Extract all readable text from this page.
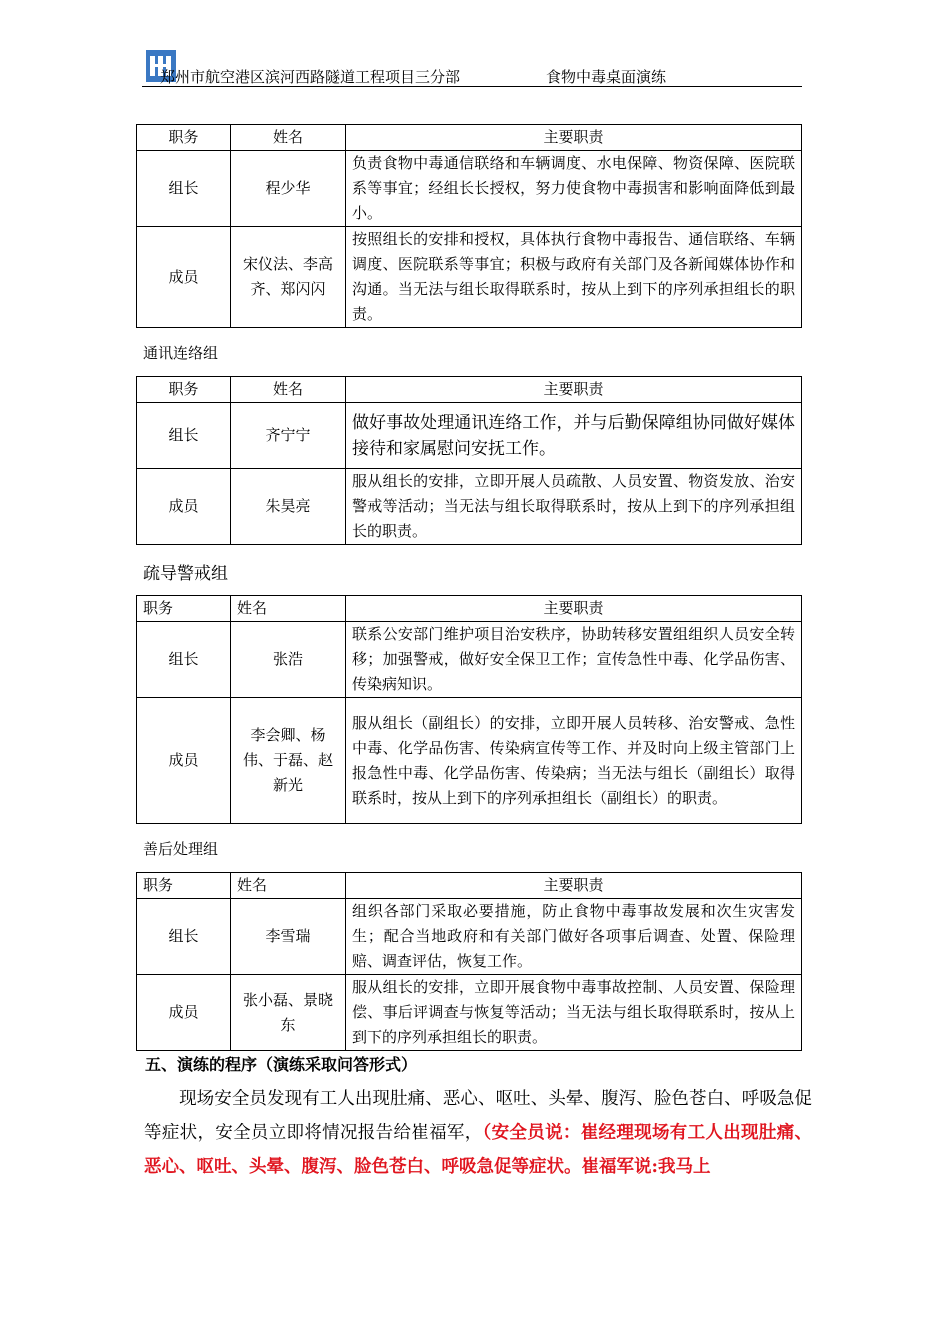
郑州市航空港区滨河西路隧道工程项目三分部	食物中毒桌面演练
职务	姓名	主要职责
组长	程少华	负责食物中毒通信联络和车辆调度、水电保障、物资保障、医院联系等事宜；经组长长授权，努力使食物中毒损害和影响面降低到最小。
成员	宋仪法、李高齐、郑闪闪	按照组长的安排和授权，具体执行食物中毒报告、通信联络、车辆调度、医院联系等事宜；积极与政府有关部门及各新闻媒体协作和沟通。当无法与组长取得联系时，按从上到下的序列承担组长的职责。
通讯连络组
职务	姓名	主要职责
组长	齐宁宁	做好事故处理通讯连络工作，并与后勤保障组协同做好媒体接待和家属慰问安抚工作。
成员	朱昊亮	服从组长的安排，立即开展人员疏散、人员安置、物资发放、治安警戒等活动；当无法与组长取得联系时，按从上到下的序列承担组长的职责。
疏导警戒组
职务	姓名	主要职责
组长	张浩	联系公安部门维护项目治安秩序，协助转移安置组组织人员安全转移；加强警戒，做好安全保卫工作；宣传急性中毒、化学品伤害、传染病知识。
成员	李会卿、杨伟、于磊、赵新光	服从组长（副组长）的安排，立即开展人员转移、治安警戒、急性中毒、化学品伤害、传染病宣传等工作、并及时向上级主管部门上报急性中毒、化学品伤害、传染病；当无法与组长（副组长）取得联系时，按从上到下的序列承担组长（副组长）的职责。
善后处理组
职务	姓名	主要职责
组长	李雪瑞	组织各部门采取必要措施，防止食物中毒事故发展和次生灾害发生；配合当地政府和有关部门做好各项事后调查、处置、保险理赔、调查评估，恢复工作。
成员	张小磊、景晓东	服从组长的安排，立即开展食物中毒事故控制、人员安置、保险理偿、事后评调查与恢复等活动；当无法与组长取得联系时，按从上到下的序列承担组长的职责。
五、演练的程序（演练采取问答形式）
现场安全员发现有工人出现肚痛、恶心、呕吐、头晕、腹泻、脸色苍白、呼吸急促等症状，安全员立即将情况报告给崔福军，（安全员说：崔经理现场有工人出现肚痛、恶心、呕吐、头晕、腹泻、脸色苍白、呼吸急促等症状。崔福军说:我马上
